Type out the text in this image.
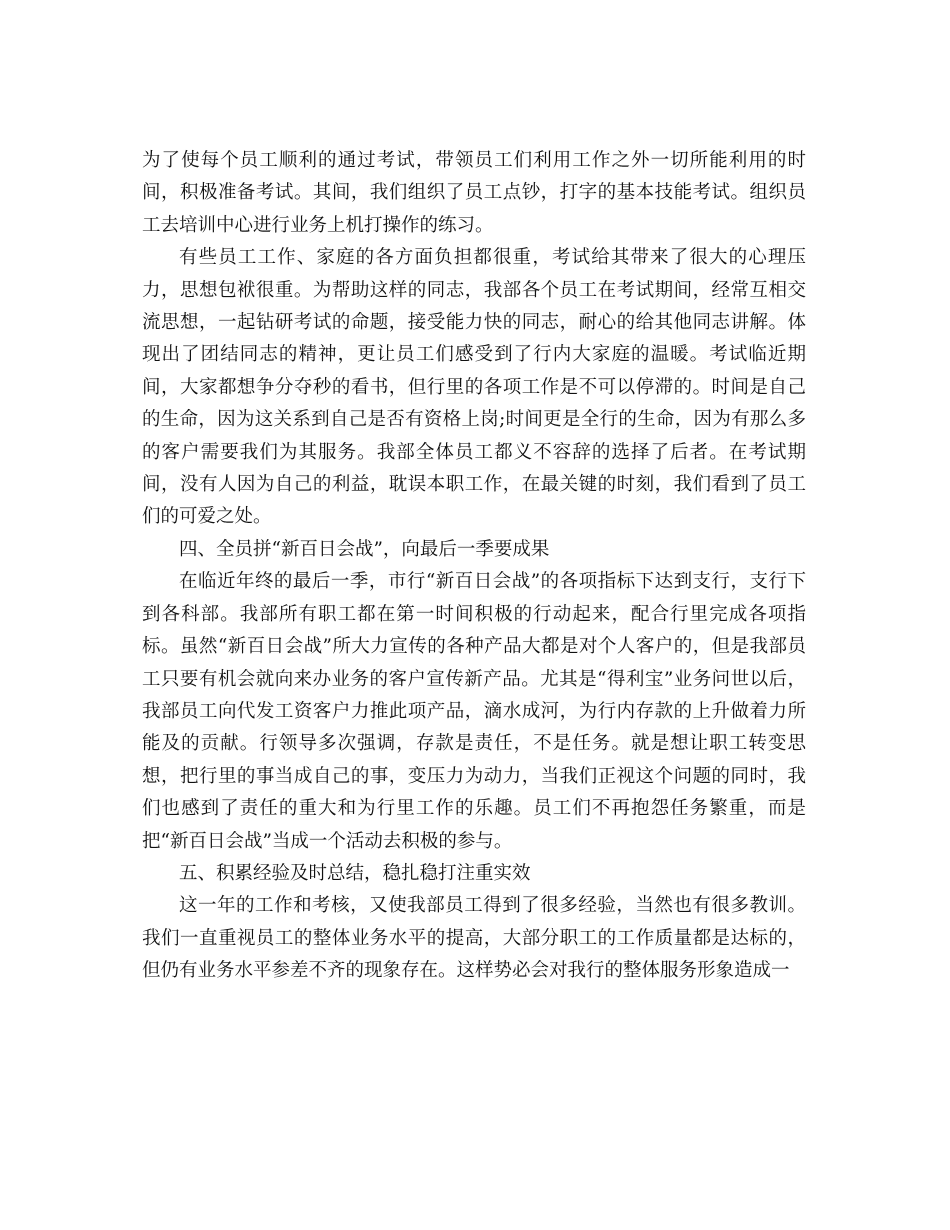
为了使每个员工顺利的通过考试，带领员工们利用工作之外一切所能利用的时间，积极准备考试。其间，我们组织了员工点钞，打字的基本技能考试。组织员工去培训中心进行业务上机打操作的练习。

有些员工工作、家庭的各方面负担都很重，考试给其带来了很大的心理压力，思想包袱很重。为帮助这样的同志，我部各个员工在考试期间，经常互相交流思想，一起钻研考试的命题，接受能力快的同志，耐心的给其他同志讲解。体现出了团结同志的精神，更让员工们感受到了行内大家庭的温暖。考试临近期间，大家都想争分夺秒的看书，但行里的各项工作是不可以停滞的。时间是自己的生命，因为这关系到自己是否有资格上岗;时间更是全行的生命，因为有那么多的客户需要我们为其服务。我部全体员工都义不容辞的选择了后者。在考试期间，没有人因为自己的利益，耽误本职工作，在最关键的时刻，我们看到了员工们的可爱之处。

四、全员拼“新百日会战”，向最后一季要成果

在临近年终的最后一季，市行“新百日会战”的各项指标下达到支行，支行下到各科部。我部所有职工都在第一时间积极的行动起来，配合行里完成各项指标。虽然“新百日会战”所大力宣传的各种产品大都是对个人客户的，但是我部员工只要有机会就向来办业务的客户宣传新产品。尤其是“得利宝”业务问世以后，我部员工向代发工资客户力推此项产品，滴水成河，为行内存款的上升做着力所能及的贡献。行领导多次强调，存款是责任，不是任务。就是想让职工转变思想，把行里的事当成自己的事，变压力为动力，当我们正视这个问题的同时，我们也感到了责任的重大和为行里工作的乐趣。员工们不再抱怨任务繁重，而是把“新百日会战”当成一个活动去积极的参与。

五、积累经验及时总结，稳扎稳打注重实效

这一年的工作和考核，又使我部员工得到了很多经验，当然也有很多教训。我们一直重视员工的整体业务水平的提高，大部分职工的工作质量都是达标的，但仍有业务水平参差不齐的现象存在。这样势必会对我行的整体服务形象造成一
